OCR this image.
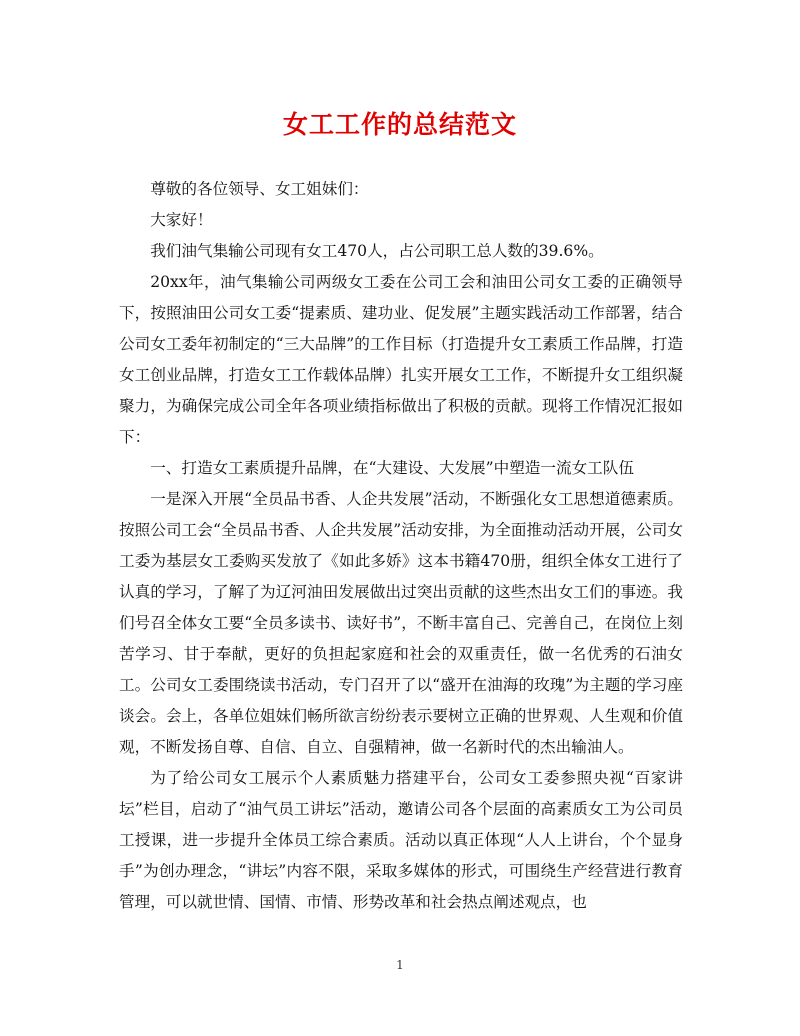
女工工作的总结范文

尊敬的各位领导、女工姐妹们：

大家好！

我们油气集输公司现有女工470人，占公司职工总人数的39.6%。

20xx年，油气集输公司两级女工委在公司工会和油田公司女工委的正确领导下，按照油田公司女工委“提素质、建功业、促发展”主题实践活动工作部署，结合公司女工委年初制定的“三大品牌”的工作目标（打造提升女工素质工作品牌，打造女工创业品牌，打造女工工作载体品牌）扎实开展女工工作，不断提升女工组织凝聚力，为确保完成公司全年各项业绩指标做出了积极的贡献。现将工作情况汇报如下：

一、打造女工素质提升品牌，在“大建设、大发展”中塑造一流女工队伍

一是深入开展“全员品书香、人企共发展”活动，不断强化女工思想道德素质。按照公司工会“全员品书香、人企共发展”活动安排，为全面推动活动开展，公司女工委为基层女工委购买发放了《如此多娇》这本书籍470册，组织全体女工进行了认真的学习，了解了为辽河油田发展做出过突出贡献的这些杰出女工们的事迹。我们号召全体女工要“全员多读书、读好书”，不断丰富自己、完善自己，在岗位上刻苦学习、甘于奉献，更好的负担起家庭和社会的双重责任，做一名优秀的石油女工。公司女工委围绕读书活动，专门召开了以“盛开在油海的玫瑰”为主题的学习座谈会。会上，各单位姐妹们畅所欲言纷纷表示要树立正确的世界观、人生观和价值观，不断发扬自尊、自信、自立、自强精神，做一名新时代的杰出输油人。

为了给公司女工展示个人素质魅力搭建平台，公司女工委参照央视“百家讲坛”栏目，启动了“油气员工讲坛”活动，邀请公司各个层面的高素质女工为公司员工授课，进一步提升全体员工综合素质。活动以真正体现“人人上讲台，个个显身手”为创办理念，“讲坛”内容不限，采取多媒体的形式，可围绕生产经营进行教育管理，可以就世情、国情、市情、形势改革和社会热点阐述观点，也

1
